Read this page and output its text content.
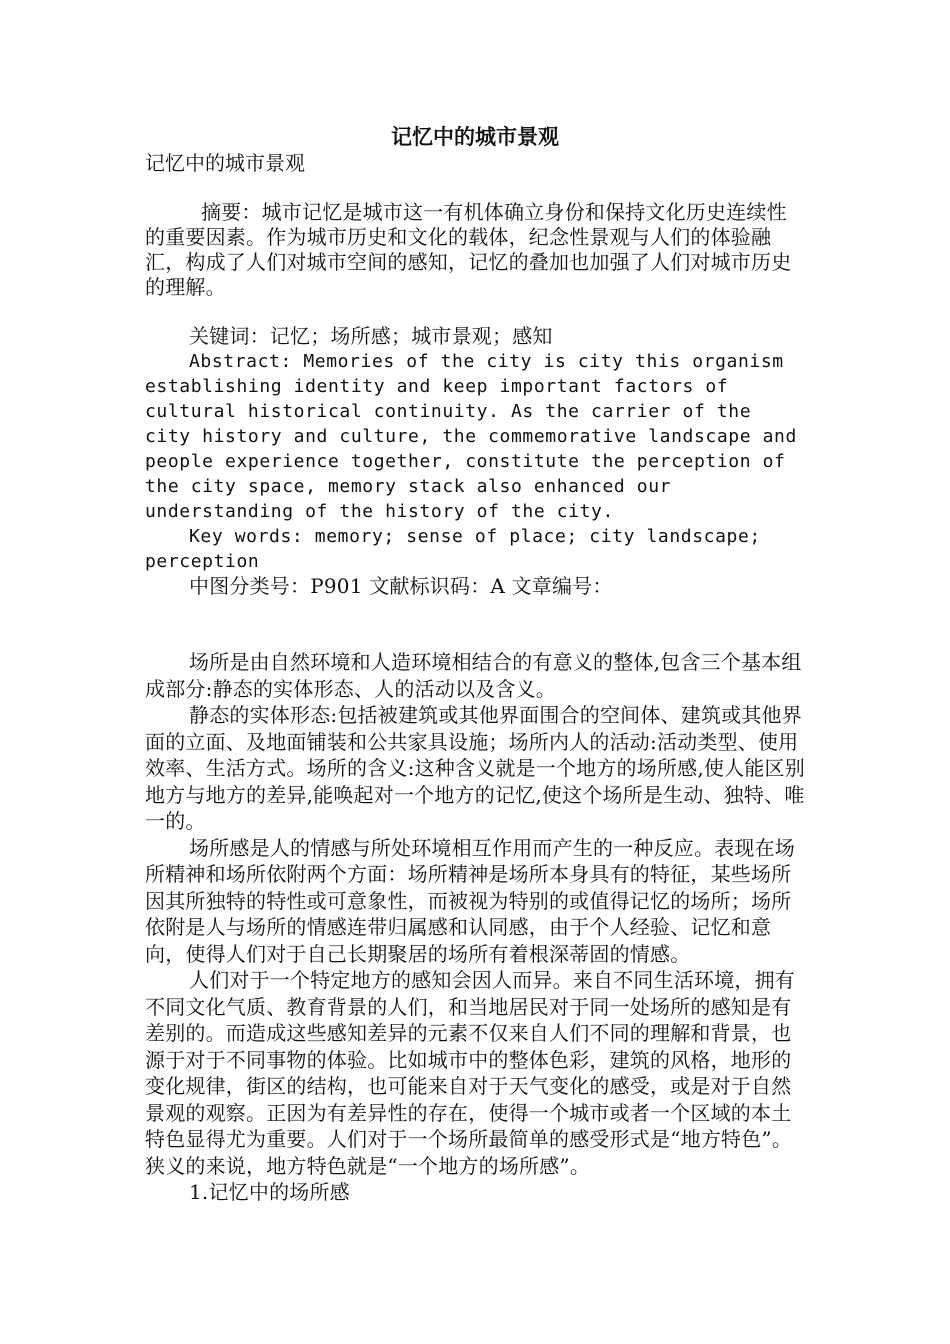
记忆中的城市景观
记忆中的城市景观

摘要：城市记忆是城市这一有机体确立身份和保持文化历史连续性的重要因素。作为城市历史和文化的载体，纪念性景观与人们的体验融汇，构成了人们对城市空间的感知，记忆的叠加也加强了人们对城市历史的理解。

关键词：记忆；场所感；城市景观；感知

Abstract: Memories of the city is city this organism establishing identity and keep important factors of cultural historical continuity. As the carrier of the city history and culture, the commemorative landscape and people experience together, constitute the perception of the city space, memory stack also enhanced our understanding of the history of the city.

Key words: memory; sense of place; city landscape; perception

中图分类号：P901 文献标识码：A 文章编号：

场所是由自然环境和人造环境相结合的有意义的整体,包含三个基本组成部分:静态的实体形态、人的活动以及含义。

静态的实体形态:包括被建筑或其他界面围合的空间体、建筑或其他界面的立面、及地面铺装和公共家具设施；场所内人的活动:活动类型、使用效率、生活方式。场所的含义:这种含义就是一个地方的场所感,使人能区别地方与地方的差异,能唤起对一个地方的记忆,使这个场所是生动、独特、唯一的。

场所感是人的情感与所处环境相互作用而产生的一种反应。表现在场所精神和场所依附两个方面：场所精神是场所本身具有的特征，某些场所因其所独特的特性或可意象性，而被视为特别的或值得记忆的场所；场所依附是人与场所的情感连带归属感和认同感，由于个人经验、记忆和意向，使得人们对于自己长期聚居的场所有着根深蒂固的情感。

人们对于一个特定地方的感知会因人而异。来自不同生活环境，拥有不同文化气质、教育背景的人们，和当地居民对于同一处场所的感知是有差别的。而造成这些感知差异的元素不仅来自人们不同的理解和背景，也源于对于不同事物的体验。比如城市中的整体色彩，建筑的风格，地形的变化规律，街区的结构，也可能来自对于天气变化的感受，或是对于自然景观的观察。正因为有差异性的存在，使得一个城市或者一个区域的本土特色显得尤为重要。人们对于一个场所最简单的感受形式是“地方特色”。狭义的来说，地方特色就是“一个地方的场所感”。

1.记忆中的场所感
